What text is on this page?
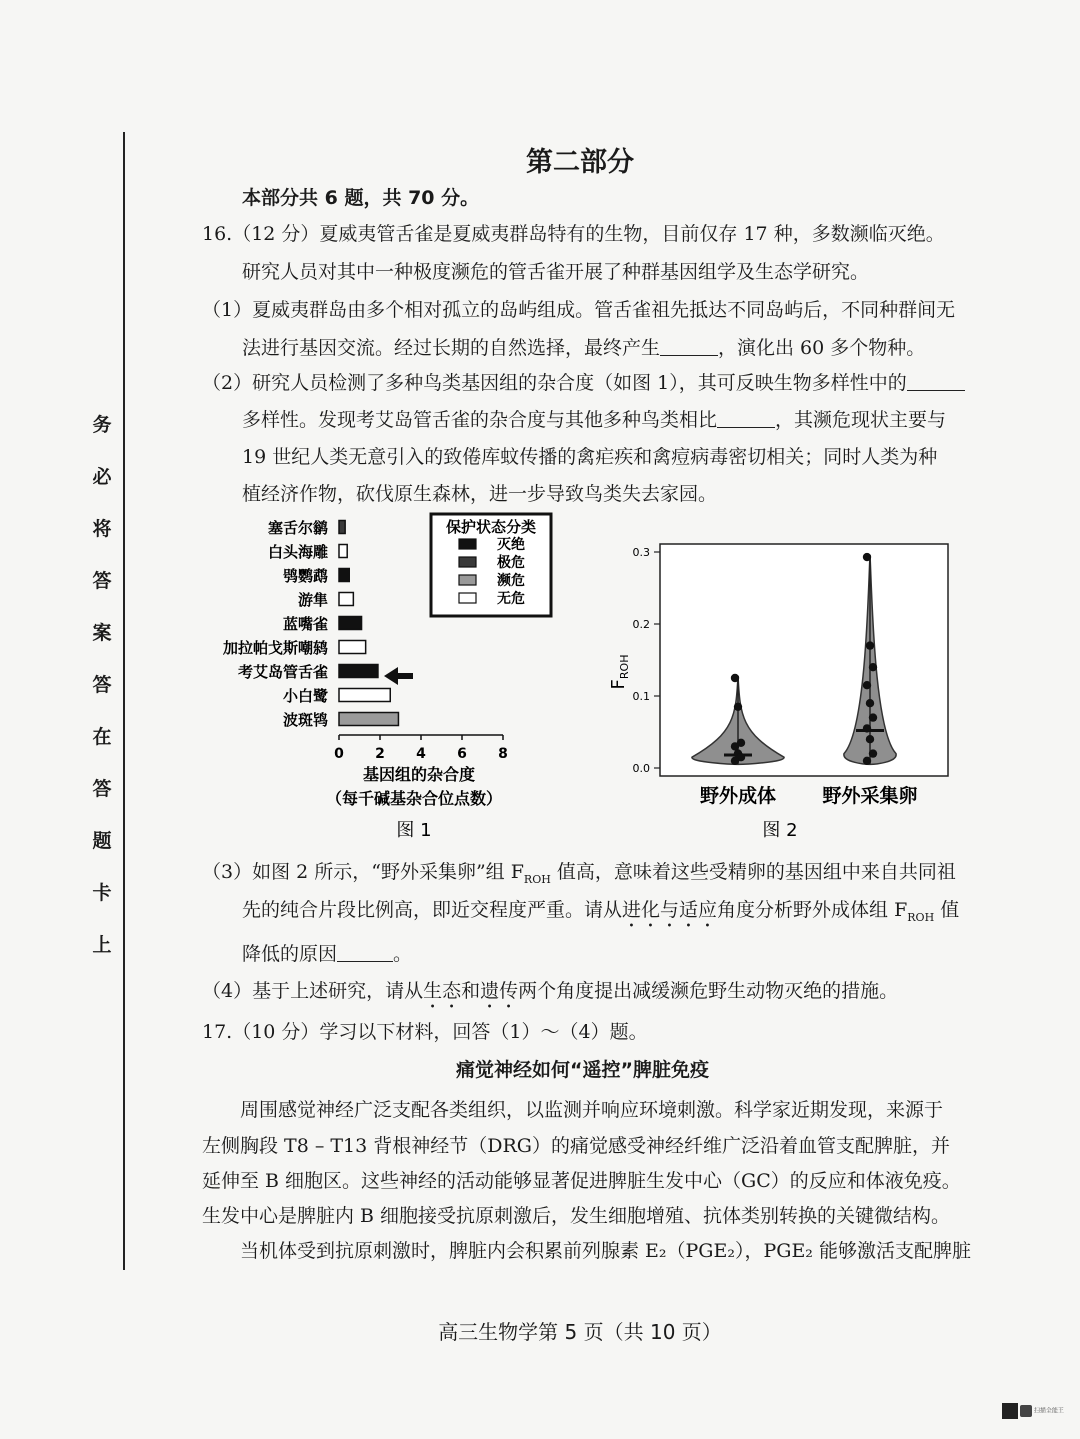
务
必
将
答
案
答
在
答
题
卡
上
第二部分
本部分共 6 题，共 70 分。
16.（12 分）夏威夷管舌雀是夏威夷群岛特有的生物，目前仅存 17 种，多数濒临灭绝。
研究人员对其中一种极度濒危的管舌雀开展了种群基因组学及生态学研究。
（1）夏威夷群岛由多个相对孤立的岛屿组成。管舌雀祖先抵达不同岛屿后，不同种群间无
法进行基因交流。经过长期的自然选择，最终产生	，演化出 60 多个物种。
（2）研究人员检测了多种鸟类基因组的杂合度（如图 1），其可反映生物多样性中的
多样性。发现考艾岛管舌雀的杂合度与其他多种鸟类相比	，其濒危现状主要与
19 世纪人类无意引入的致倦库蚊传播的禽疟疾和禽痘病毒密切相关；同时人类为种
植经济作物，砍伐原生森林，进一步导致鸟类失去家园。
塞舌尔鹟
白头海雕
鸮鹦鹉
游隼
蓝嘴雀
加拉帕戈斯嘲鸫
考艾岛管舌雀
小白鹭
波斑鸨
0 2 4 6 8
保护状态分类
灭绝
极危
濒危
无危
基因组的杂合度
（每千碱基杂合位点数）
图 1
0.0
0.1
0.2
0.3
$F_{ROH}$
野外成体 野外采集卵
图 2
（3）如图 2 所示，“野外采集卵”组 $F_{ROH}$ 值高，意味着这些受精卵的基因组中来自共同祖
先的纯合片段比例高，即近交程度严重。请从进化与适应角度分析野外成体组 $F_{ROH}$ 值
降低的原因	。
（4）基于上述研究，请从生态和遗传两个角度提出减缓濒危野生动物灭绝的措施。
17.（10 分）学习以下材料，回答（1）～（4）题。
痛觉神经如何“遥控”脾脏免疫
周围感觉神经广泛支配各类组织，以监测并响应环境刺激。科学家近期发现，来源于
左侧胸段 T8 – T13 背根神经节（DRG）的痛觉感受神经纤维广泛沿着血管支配脾脏，并
延伸至 B 细胞区。这些神经的活动能够显著促进脾脏生发中心（GC）的反应和体液免疫。
生发中心是脾脏内 B 细胞接受抗原刺激后，发生细胞增殖、抗体类别转换的关键微结构。
当机体受到抗原刺激时，脾脏内会积累前列腺素 E₂（PGE₂），PGE₂ 能够激活支配脾脏
高三生物学第 5 页（共 10 页）
扫描全能王
